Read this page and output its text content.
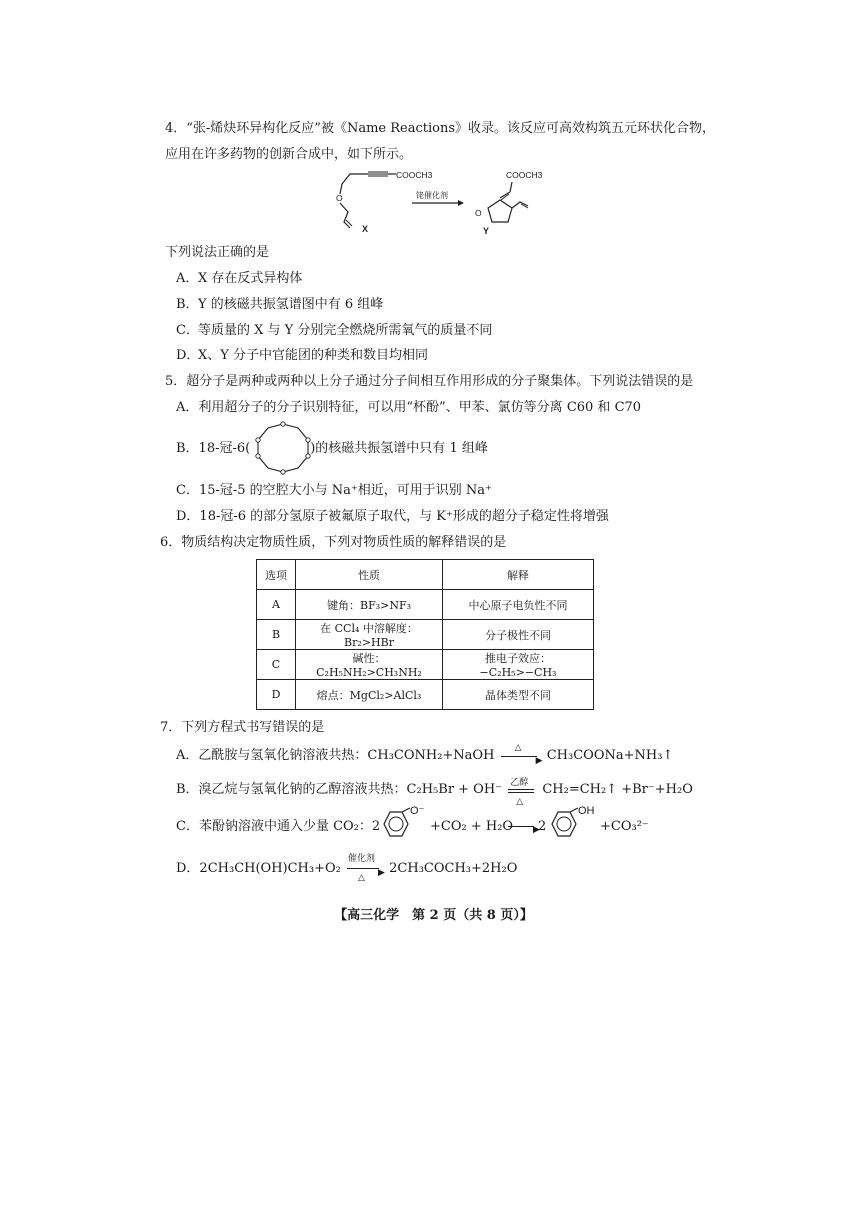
4．“张-烯炔环异构化反应”被《Name Reactions》收录。该反应可高效构筑五元环状化合物，
应用在许多药物的创新合成中，如下所示。
COOCH3
O
X
铑催化剂
COOCH3
O
Y
下列说法正确的是
A．X 存在反式异构体
B．Y 的核磁共振氢谱图中有 6 组峰
C．等质量的 X 与 Y 分别完全燃烧所需氧气的质量不同
D．X、Y 分子中官能团的种类和数目均相同
5．超分子是两种或两种以上分子通过分子间相互作用形成的分子聚集体。下列说法错误的是
A．利用超分子的分子识别特征，可以用“杯酚”、甲苯、氯仿等分离 C60 和 C70
B．18-冠-6(	)的核磁共振氢谱中只有 1 组峰
C．15-冠-5 的空腔大小与 Na⁺相近，可用于识别 Na⁺
D．18-冠-6 的部分氢原子被氟原子取代，与 K⁺形成的超分子稳定性将增强
6．物质结构决定物质性质，下列对物质性质的解释错误的是
选项	性质	解释
A	键角：BF₃>NF₃	中心原子电负性不同
B	在 CCl₄ 中溶解度：Br₂>HBr	分子极性不同
C	碱性：C₂H₅NH₂>CH₃NH₂	推电子效应：−C₂H₅>−CH₃
D	熔点：MgCl₂>AlCl₃	晶体类型不同
7．下列方程式书写错误的是
A．乙酰胺与氢氧化钠溶液共热：CH₃CONH₂+NaOH △
▶ CH₃COONa+NH₃↑
B．溴乙烷与氢氧化钠的乙醇溶液共热：C₂H₅Br + OH⁻ 乙醇
△
CH₂=CH₂↑ +Br⁻+H₂O
C．苯酚钠溶液中通入少量 CO₂：2
O⁻
+CO₂ + H₂O ▶
2
OH
+CO₃²⁻
D．2CH₃CH(OH)CH₃+O₂
催化剂
▶
△
2CH₃COCH₃+2H₂O
【高三化学　第 2 页（共 8 页）】
